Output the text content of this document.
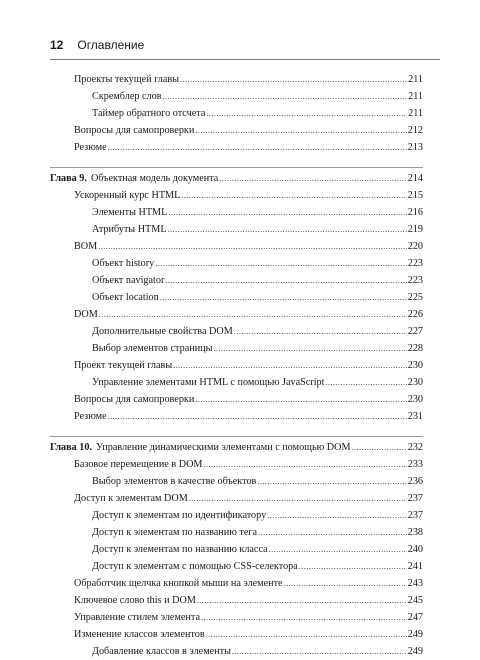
12 Оглавление
Проекты текущей главы .....	211
Скремблер слов .....	211
Таймер обратного отсчета .....	211
Вопросы для самопроверки .....	212
Резюме .....	213
Глава 9. Объектная модель документа .....	214
Ускоренный курс HTML .....	215
Элементы HTML .....	216
Атрибуты HTML .....	219
BOM .....	220
Объект history .....	223
Объект navigator .....	223
Объект location .....	225
DOM .....	226
Дополнительные свойства DOM .....	227
Выбор элементов страницы .....	228
Проект текущей главы .....	230
Управление элементами HTML с помощью JavaScript .....	230
Вопросы для самопроверки .....	230
Резюме .....	231
Глава 10. Управление динамическими элементами с помощью DOM .....	232
Базовое перемещение в DOM .....	233
Выбор элементов в качестве объектов .....	236
Доступ к элементам DOM .....	237
Доступ к элементам по идентификатору .....	237
Доступ к элементам по названию тега .....	238
Доступ к элементам по названию класса .....	240
Доступ к элементам с помощью CSS-селектора .....	241
Обработчик щелчка кнопкой мыши на элементе .....	243
Ключевое слово this и DOM .....	245
Управление стилем элемента .....	247
Изменение классов элементов .....	249
Добавление классов в элементы .....	249
